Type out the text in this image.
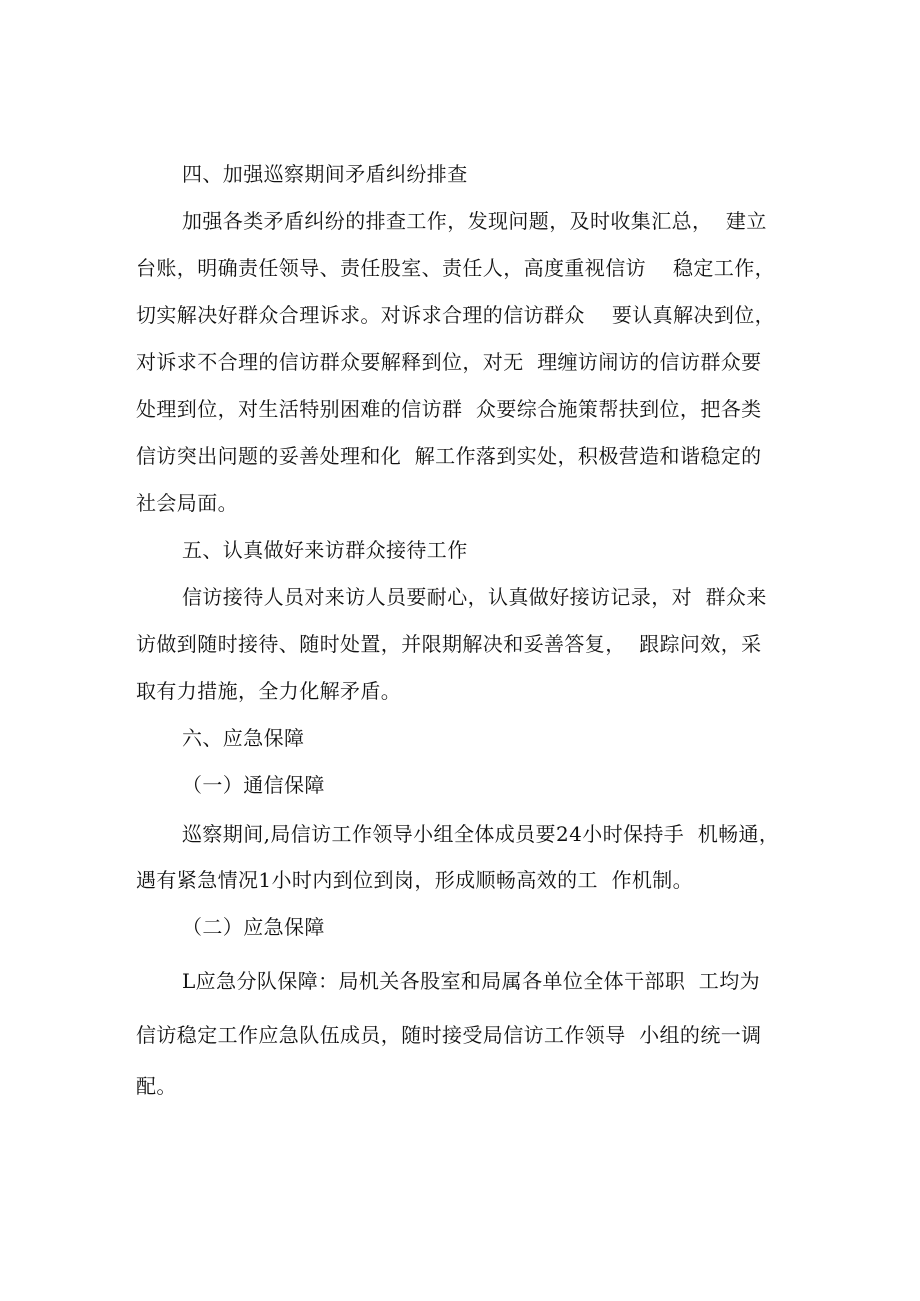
四、加强巡察期间矛盾纠纷排查
加强各类矛盾纠纷的排查工作，发现问题，及时收集汇总，  建立
台账，明确责任领导、责任股室、责任人，高度重视信访    稳定工作，
切实解决好群众合理诉求。对诉求合理的信访群众    要认真解决到位，
对诉求不合理的信访群众要解释到位，对无  理缠访闹访的信访群众要
处理到位，对生活特别困难的信访群  众要综合施策帮扶到位，把各类
信访突出问题的妥善处理和化  解工作落到实处，积极营造和谐稳定的
社会局面。
五、认真做好来访群众接待工作
信访接待人员对来访人员要耐心，认真做好接访记录，对  群众来
访做到随时接待、随时处置，并限期解决和妥善答复，  跟踪问效，采
取有力措施，全力化解矛盾。
六、应急保障
（一）通信保障
巡察期间,局信访工作领导小组全体成员要24小时保持手  机畅通，
遇有紧急情况1小时内到位到岗，形成顺畅高效的工  作机制。
（二）应急保障
L应急分队保障：局机关各股室和局属各单位全体干部职  工均为
信访稳定工作应急队伍成员，随时接受局信访工作领导  小组的统一调
配。
